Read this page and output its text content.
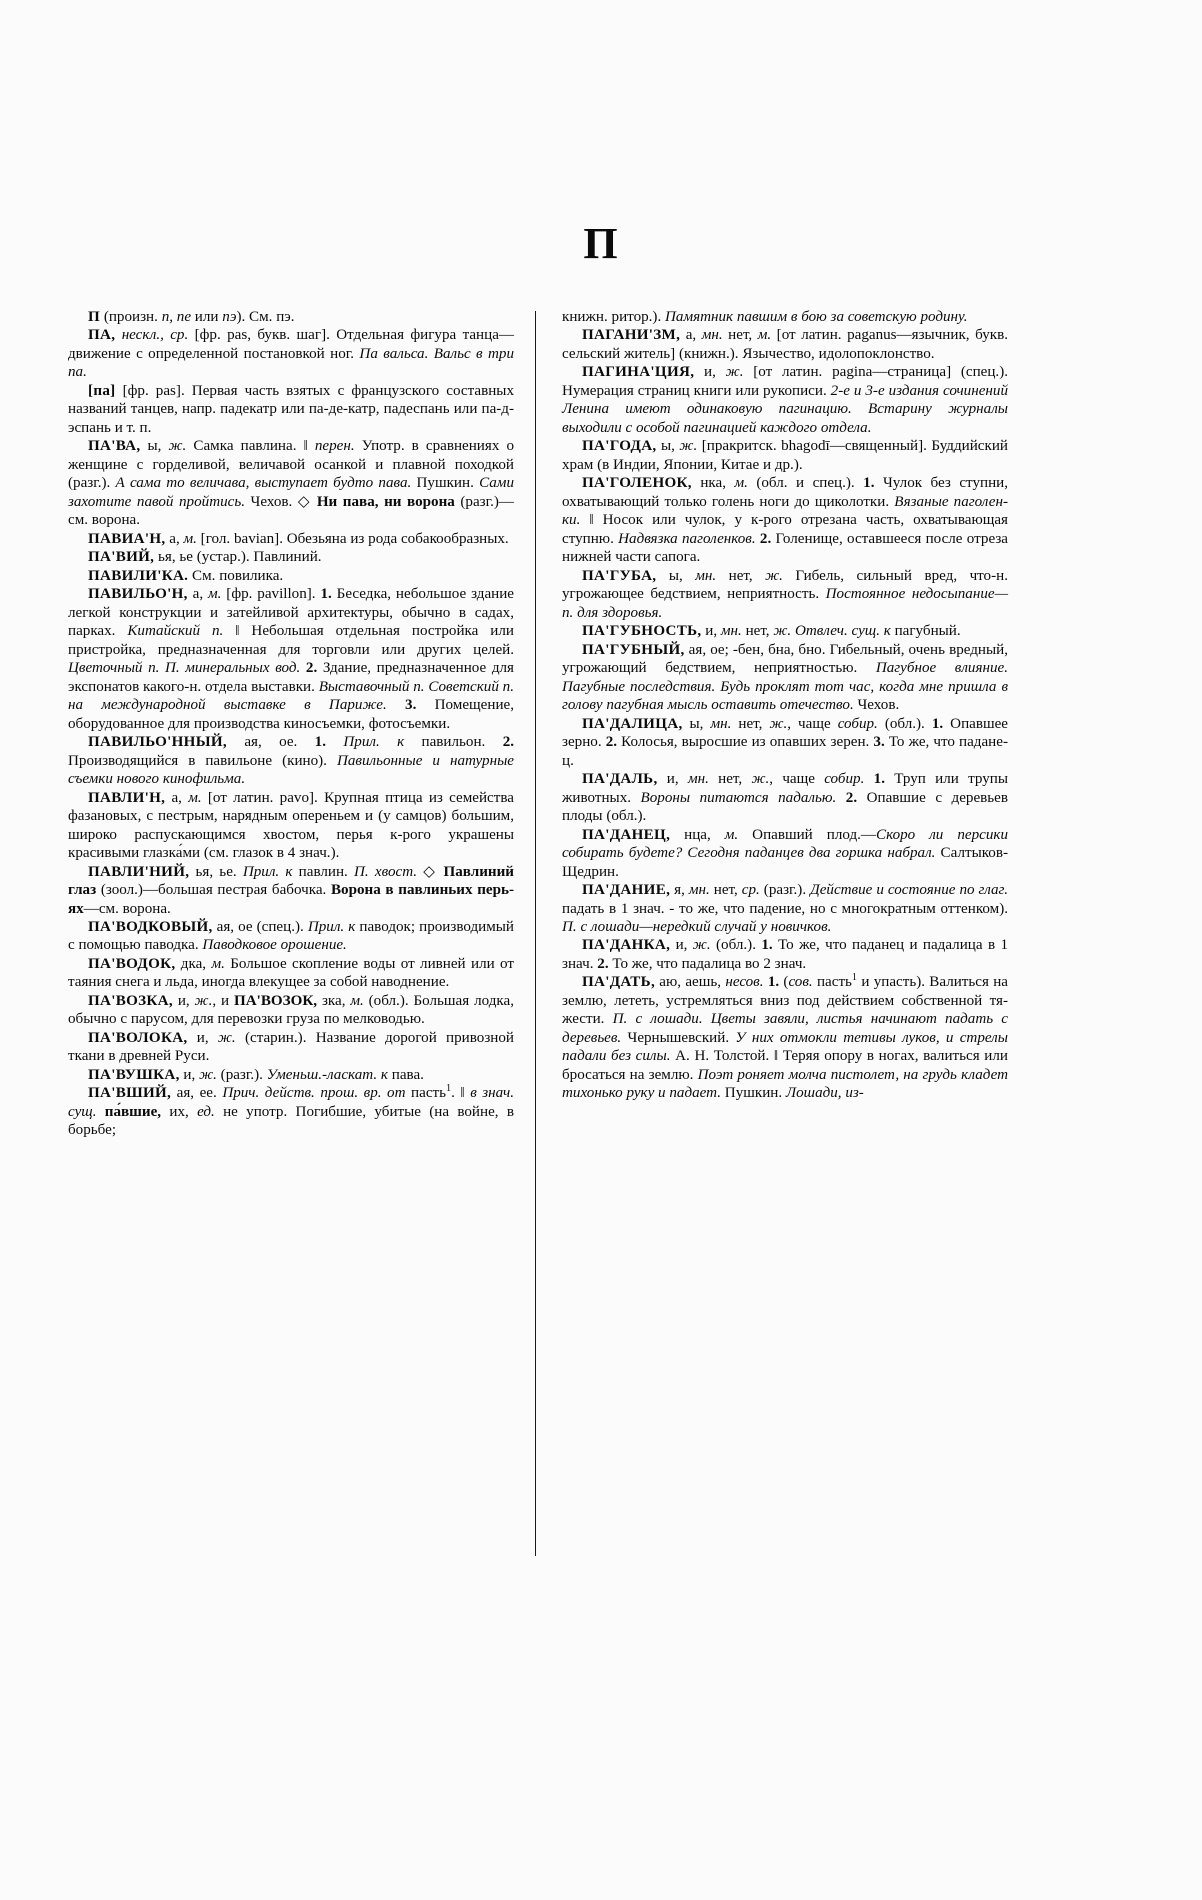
П

П (произн. п, пе или пэ). См. пэ.

ПА, нескл., ср. [фр. pas, букв. шаг]. Отдельная фигура танца—движение с определенной постановкой ног. Па вальса. Вальс в три па.

[па] [фр. pas]. Первая часть взятых с французского составных названий танцев, напр. падекатр или па-де-катр, падеспань или па-д-эспань и т. п.

ПА'ВА, ы, ж. Самка павлина. ‖ перен. Употр. в сравнениях о женщине с горделивой, величавой осанкой и плавной походкой (разг.). А сама то величава, выступает будто пава. Пушкин. Сами захотите павой пройтись. Чехов. ◇ Ни пава, ни ворона (разг.)—см. ворона.

ПАВИА'Н, а, м. [гол. bavian]. Обезьяна из рода собакообразных.

ПА'ВИЙ, ья, ье (устар.). Павлиний.

ПАВИЛИ'КА. См. повилика.

ПАВИЛЬО'Н, а, м. [фр. pavillon]. 1. Беседка, небольшое здание легкой конструкции и затейливой архитектуры, обычно в садах, парках. Китайский п. ‖ Небольшая отдельная постройка или пристройка, предназначенная для торговли или других целей. Цветочный п. П. минеральных вод. 2. Здание, предназначенное для экспонатов какого-н. отдела выставки. Выставочный п. Советский п. на международной выставке в Париже. 3. Помещение, оборудованное для производства киносъемки, фотосъемки.

ПАВИЛЬО'ННЫЙ, ая, ое. 1. Прил. к павильон. 2. Производящийся в павильоне (кино). Павильонные и натурные съемки нового кинофильма.

ПАВЛИ'Н, а, м. [от латин. pavo]. Крупная птица из семейства фазановых, с пестрым, нарядным опереньем и (у самцов) большим, широко распускающимся хвостом, перья к-рого украшены красивыми глазка́ми (см. глазок в 4 знач.).

ПАВЛИ'НИЙ, ья, ье. Прил. к павлин. П. хвост. ◇ Павлиний глаз (зоол.)—большая пестрая бабочка. Ворона в павлиньих перьях—см. ворона.

ПА'ВОДКОВЫЙ, ая, ое (спец.). Прил. к паводок; производимый с помощью паводка. Паводковое орошение.

ПА'ВОДОК, дка, м. Большое скопление воды от ливней или от таяния снега и льда, иногда влекущее за собой наводнение.

ПА'ВОЗКА, и, ж., и ПА'ВОЗОК, зка, м. (обл.). Большая лодка, обычно с парусом, для перевозки груза по мелководью.

ПА'ВОЛОКА, и, ж. (старин.). Название дорогой привозной ткани в древней Руси.

ПА'ВУШКА, и, ж. (разг.). Уменьш.-ласкат. к пава.

ПА'ВШИЙ, ая, ее. Прич. действ. прош. вр. от пасть$^1$. ‖ в знач. сущ. па́вшие, их, ед. не употр. Погибшие, убитые (на войне, в борьбе;

книжн. ритор.). Памятник павшим в бою за советскую родину.

ПАГАНИ'ЗМ, а, мн. нет, м. [от латин. paganus—язычник, букв. сельский житель] (книжн.). Язычество, идолопоклонство.

ПАГИНА'ЦИЯ, и, ж. [от латин. pagina—страница] (спец.). Нумерация страниц книги или рукописи. 2-е и 3-е издания сочинений Ленина имеют одинаковую пагинацию. Встарину журналы выходили с особой пагинацией каждого отдела.

ПА'ГОДА, ы, ж. [пракритск. bhagodī—священный]. Буддийский храм (в Индии, Японии, Китае и др.).

ПА'ГОЛЕНОК, нка, м. (обл. и спец.). 1. Чулок без ступни, охватывающий только голень ноги до щиколотки. Вязаные паголенки. ‖ Носок или чулок, у к-рого отрезана часть, охватывающая ступню. Надвязка паголенков. 2. Голенище, оставшееся после отреза нижней части сапога.

ПА'ГУБА, ы, мн. нет, ж. Гибель, сильный вред, что-н. угрожающее бедствием, неприятность. Постоянное недосыпание—п. для здоровья.

ПА'ГУБНОСТЬ, и, мн. нет, ж. Отвлеч. сущ. к пагубный.

ПА'ГУБНЫЙ, ая, ое; -бен, бна, бно. Гибельный, очень вредный, угрожающий бедствием, неприятностью. Пагубное влияние. Пагубные последствия. Будь проклят тот час, когда мне пришла в голову пагубная мысль оставить отечество. Чехов.

ПА'ДАЛИЦА, ы, мн. нет, ж., чаще собир. (обл.). 1. Опавшее зерно. 2. Колосья, выросшие из опавших зерен. 3. То же, что паданец.

ПА'ДАЛЬ, и, мн. нет, ж., чаще собир. 1. Труп или трупы животных. Вороны питаются падалью. 2. Опавшие с деревьев плоды (обл.).

ПА'ДАНЕЦ, нца, м. Опавший плод.—Скоро ли персики собирать будете? Сегодня паданцев два горшка набрал. Салтыков-Щедрин.

ПА'ДАНИЕ, я, мн. нет, ср. (разг.). Действие и состояние по глаг. падать в 1 знач. - то же, что падение, но с многократным оттенком). П. с лошади—нередкий случай у новичков.

ПА'ДАНКА, и, ж. (обл.). 1. То же, что паданец и падалица в 1 знач. 2. То же, что падалица во 2 знач.

ПА'ДАТЬ, аю, аешь, несов. 1. (сов. пасть$^1$ и упасть). Валиться на землю, лететь, устремляться вниз под действием собственной тяжести. П. с лошади. Цветы завяли, листья начинают падать с деревьев. Чернышевский. У них отмокли тетивы луков, и стрелы падали без силы. А. Н. Толстой. ‖ Теряя опору в ногах, валиться или бросаться на землю. Поэт роняет молча пистолет, на грудь кладет тихонько руку и падает. Пушкин. Лошади, из-
